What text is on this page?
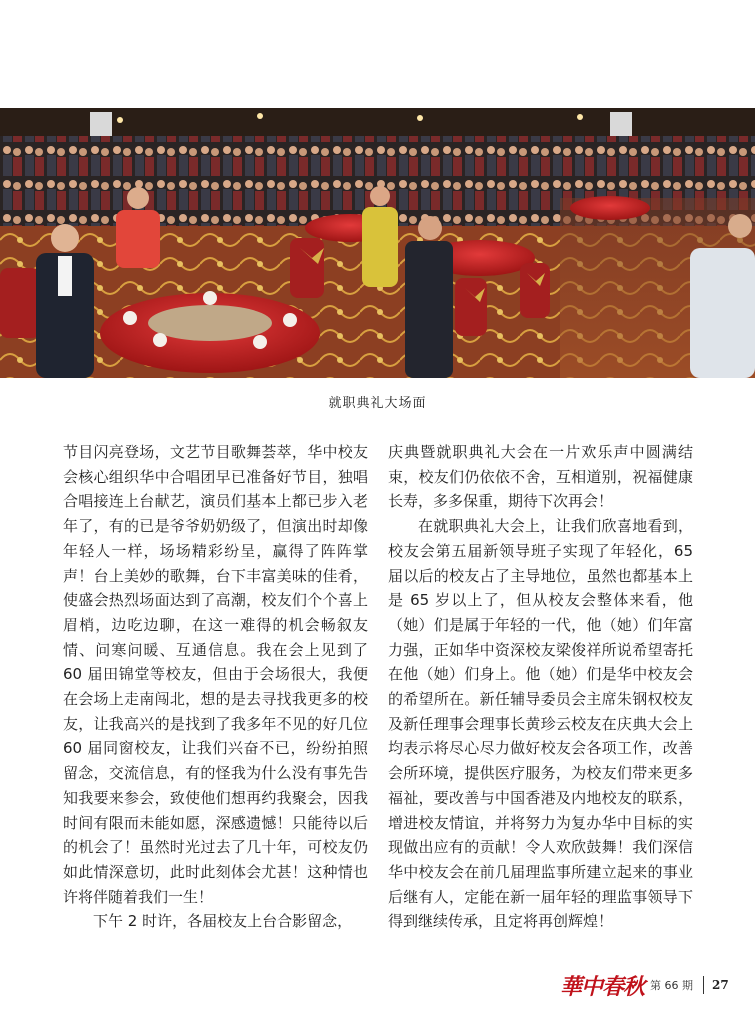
就职典礼大场面

节目闪亮登场，文艺节目歌舞荟萃，华中校友会核心组织华中合唱团早已准备好节目，独唱合唱接连上台献艺，演员们基本上都已步入老年了，有的已是爷爷奶奶级了，但演出时却像年轻人一样，场场精彩纷呈，赢得了阵阵掌声！台上美妙的歌舞，台下丰富美味的佳肴，使盛会热烈场面达到了高潮，校友们个个喜上眉梢，边吃边聊，在这一难得的机会畅叙友情、问寒问暖、互通信息。我在会上见到了 60 届田锦堂等校友，但由于会场很大，我便在会场上走南闯北，想的是去寻找我更多的校友，让我高兴的是找到了我多年不见的好几位 60 届同窗校友，让我们兴奋不已，纷纷拍照留念，交流信息，有的怪我为什么没有事先告知我要来参会，致使他们想再约我聚会，因我时间有限而未能如愿，深感遗憾！只能待以后的机会了！虽然时光过去了几十年，可校友仍如此情深意切，此时此刻体会尤甚！这种情也许将伴随着我们一生！

下午 2 时许，各届校友上台合影留念，

庆典暨就职典礼大会在一片欢乐声中圆满结束，校友们仍依依不舍，互相道别，祝福健康长寿，多多保重，期待下次再会！

在就职典礼大会上，让我们欣喜地看到，校友会第五届新领导班子实现了年轻化，65 届以后的校友占了主导地位，虽然也都基本上是 65 岁以上了，但从校友会整体来看，他（她）们是属于年轻的一代，他（她）们年富力强，正如华中资深校友梁俊祥所说希望寄托在他（她）们身上。他（她）们是华中校友会的希望所在。新任辅导委员会主席朱钢权校友及新任理事会理事长黄珍云校友在庆典大会上均表示将尽心尽力做好校友会各项工作，改善会所环境，提供医疗服务，为校友们带来更多福祉，要改善与中国香港及内地校友的联系，增进校友情谊，并将努力为复办华中目标的实现做出应有的贡献！令人欢欣鼓舞！我们深信华中校友会在前几届理监事所建立起来的事业后继有人，定能在新一届年轻的理监事领导下得到继续传承，且定将再创辉煌！

華中春秋 第 66 期 27
